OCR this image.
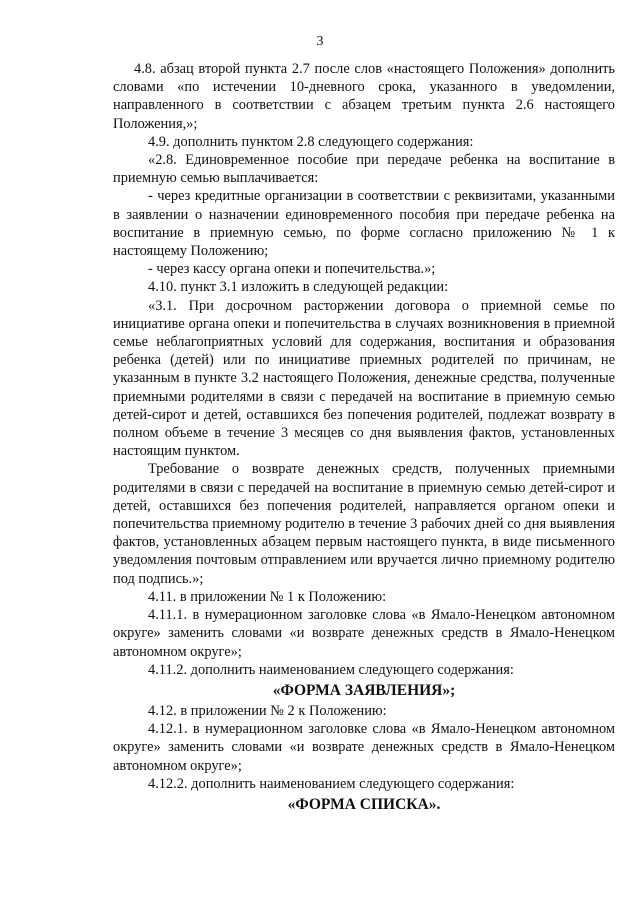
3

4.8. абзац второй пункта 2.7 после слов «настоящего Положения» дополнить словами «по истечении 10-дневного срока, указанного в уведомлении, направленного в соответствии с абзацем третьим пункта 2.6 настоящего Положения,»;

4.9. дополнить пунктом 2.8 следующего содержания:

«2.8. Единовременное пособие при передаче ребенка на воспитание в приемную семью выплачивается:

- через кредитные организации в соответствии с реквизитами, указанными в заявлении о назначении единовременного пособия при передаче ребенка на воспитание в приемную семью, по форме согласно приложению № 1 к настоящему Положению;

- через кассу органа опеки и попечительства.»;

4.10. пункт 3.1 изложить в следующей редакции:

«3.1. При досрочном расторжении договора о приемной семье по инициативе органа опеки и попечительства в случаях возникновения в приемной семье неблагоприятных условий для содержания, воспитания и образования ребенка (детей) или по инициативе приемных родителей по причинам, не указанным в пункте 3.2 настоящего Положения, денежные средства, полученные приемными родителями в связи с передачей на воспитание в приемную семью детей-сирот и детей, оставшихся без попечения родителей, подлежат возврату в полном объеме в течение 3 месяцев со дня выявления фактов, установленных настоящим пунктом.

Требование о возврате денежных средств, полученных приемными родителями в связи с передачей на воспитание в приемную семью детей-сирот и детей, оставшихся без попечения родителей, направляется органом опеки и попечительства приемному родителю в течение 3 рабочих дней со дня выявления фактов, установленных абзацем первым настоящего пункта, в виде письменного уведомления почтовым отправлением или вручается лично приемному родителю под подпись.»;

4.11. в приложении № 1 к Положению:

4.11.1. в нумерационном заголовке слова «в Ямало-Ненецком автономном округе» заменить словами «и возврате денежных средств в Ямало-Ненецком автономном округе»;

4.11.2. дополнить наименованием следующего содержания:

«ФОРМА ЗАЯВЛЕНИЯ»;

4.12. в приложении № 2 к Положению:

4.12.1. в нумерационном заголовке слова «в Ямало-Ненецком автономном округе» заменить словами «и возврате денежных средств в Ямало-Ненецком автономном округе»;

4.12.2. дополнить наименованием следующего содержания:

«ФОРМА СПИСКА».
